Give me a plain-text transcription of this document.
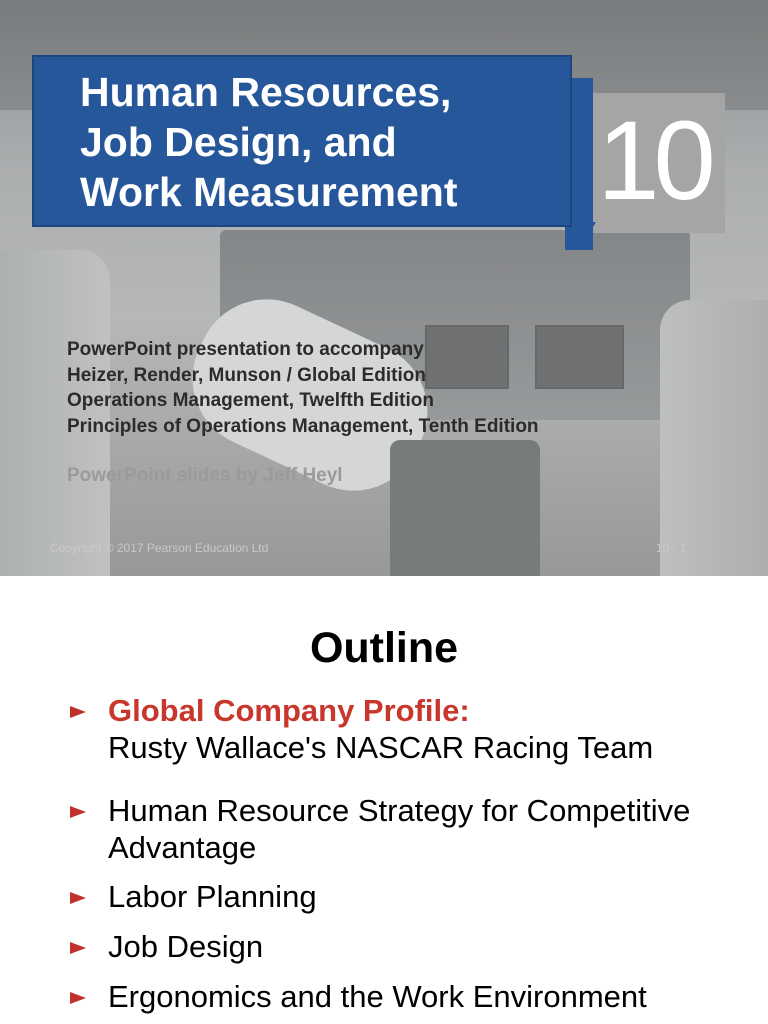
10
Human Resources,
Job Design, and
Work Measurement
PowerPoint presentation to accompany
Heizer, Render, Munson / Global Edition
Operations Management, Twelfth Edition
Principles of Operations Management, Tenth Edition
PowerPoint slides by Jeff Heyl
Copyright © 2017 Pearson Education Ltd	10 - 1
Outline
Global Company Profile:
Rusty Wallace's NASCAR Racing Team
Human Resource Strategy for Competitive Advantage
Labor Planning
Job Design
Ergonomics and the Work Environment
